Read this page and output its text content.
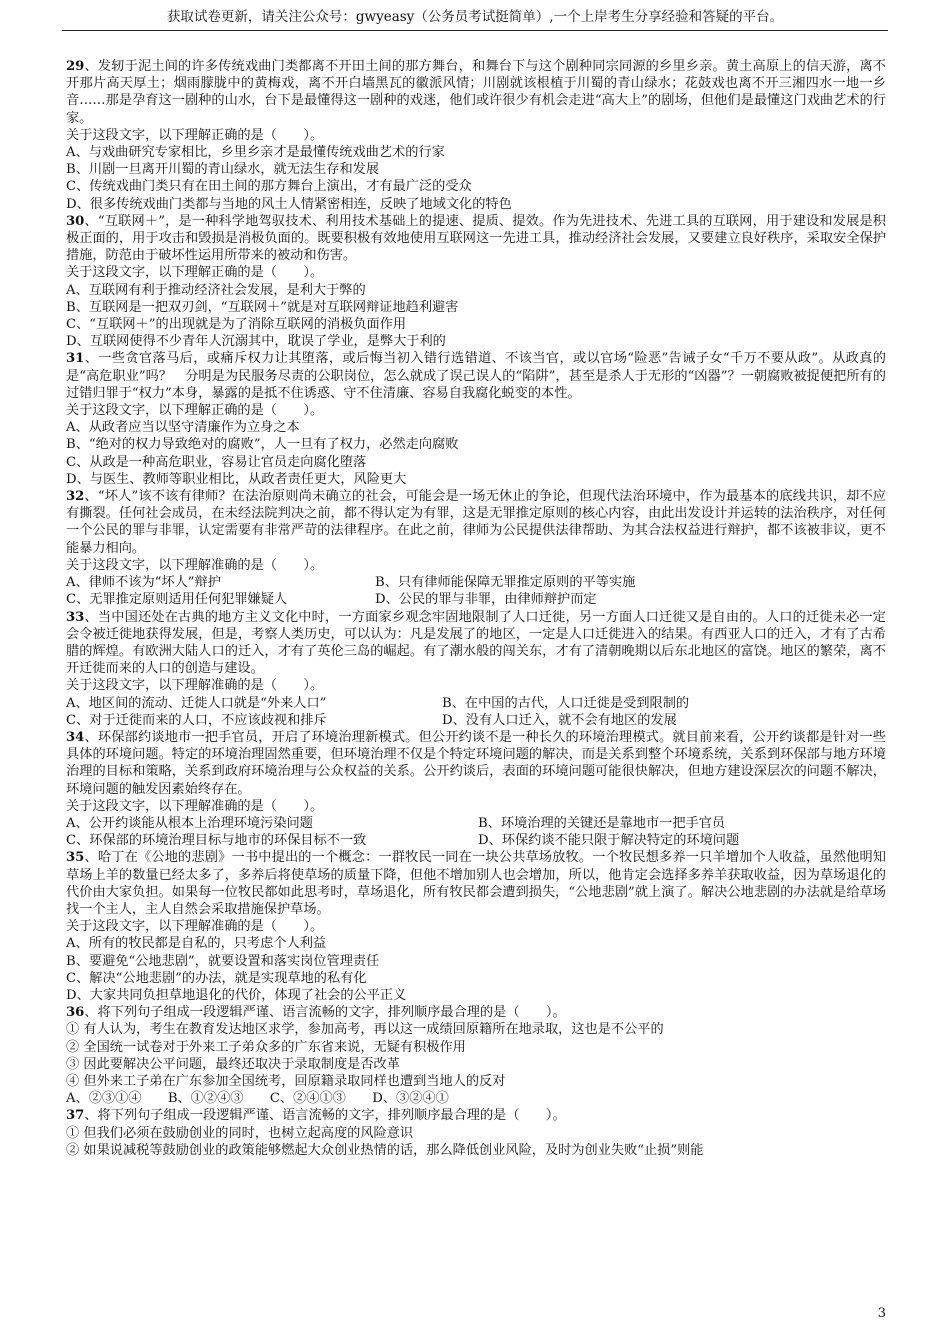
获取试卷更新，请关注公众号：gwyeasy（公务员考试挺简单）,一个上岸考生分享经验和答疑的平台。

29、发轫于泥土间的许多传统戏曲门类都离不开田土间的那方舞台，和舞台下与这个剧种同宗同源的乡里乡亲。黄土高原上的信天游，离不开那片高天厚土；烟雨朦胧中的黄梅戏，离不开白墙黑瓦的徽派风情；川剧就该根植于川蜀的青山绿水；花鼓戏也离不开三湘四水一地一乡音……那是孕育这一剧种的山水，台下是最懂得这一剧种的戏迷，他们或许很少有机会走进“高大上”的剧场，但他们是最懂这门戏曲艺术的行家。

关于这段文字，以下理解正确的是（　　）。

A、与戏曲研究专家相比，乡里乡亲才是最懂传统戏曲艺术的行家

B、川剧一旦离开川蜀的青山绿水，就无法生存和发展

C、传统戏曲门类只有在田土间的那方舞台上演出，才有最广泛的受众

D、很多传统戏曲门类都与当地的风土人情紧密相连，反映了地域文化的特色

30、“互联网＋”，是一种科学地驾驭技术、利用技术基础上的提速、提质、提效。作为先进技术、先进工具的互联网，用于建设和发展是积极正面的，用于攻击和毁损是消极负面的。既要积极有效地使用互联网这一先进工具，推动经济社会发展，又要建立良好秩序，采取安全保护措施，防范由于破坏性运用所带来的被动和伤害。

关于这段文字，以下理解正确的是（　　）。

A、互联网有利于推动经济社会发展，是利大于弊的

B、互联网是一把双刃剑，“互联网＋”就是对互联网辩证地趋利避害

C、“互联网＋”的出现就是为了消除互联网的消极负面作用

D、互联网使得不少青年人沉溺其中，耽误了学业，是弊大于利的

31、一些贪官落马后，或痛斥权力让其堕落，或后悔当初入错行选错道、不该当官，或以官场“险恶”告诫子女“千万不要从政”。从政真的是“高危职业”吗？　分明是为民服务尽责的公职岗位，怎么就成了误己误人的“陷阱”，甚至是杀人于无形的“凶器”？一朝腐败被捉便把所有的过错归罪于“权力”本身，暴露的是抵不住诱惑、守不住清廉、容易自我腐化蜕变的本性。

关于这段文字，以下理解正确的是（　　）。

A、从政者应当以坚守清廉作为立身之本

B、“绝对的权力导致绝对的腐败”，人一旦有了权力，必然走向腐败

C、从政是一种高危职业，容易让官员走向腐化堕落

D、与医生、教师等职业相比，从政者责任更大，风险更大

32、“坏人”该不该有律师？在法治原则尚未确立的社会，可能会是一场无休止的争论，但现代法治环境中，作为最基本的底线共识，却不应有撕裂。任何社会成员，在未经法院判决之前，都不得认定为有罪，这是无罪推定原则的核心内容，由此出发设计并运转的法治秩序，对任何一个公民的罪与非罪，认定需要有非常严苛的法律程序。在此之前，律师为公民提供法律帮助、为其合法权益进行辩护，都不该被非议，更不能暴力相向。

关于这段文字，以下理解准确的是（　　）。

A、律师不该为“坏人”辩护	B、只有律师能保障无罪推定原则的平等实施
C、无罪推定原则适用任何犯罪嫌疑人	D、公民的罪与非罪，由律师辩护而定

33、当中国还处在古典的地方主义文化中时，一方面家乡观念牢固地限制了人口迁徙，另一方面人口迁徙又是自由的。人口的迁徙未必一定会令被迁徙地获得发展，但是，考察人类历史，可以认为：凡是发展了的地区，一定是人口迁徙进入的结果。有西亚人口的迁入，才有了古希腊的辉煌。有欧洲大陆人口的迁入，才有了英伦三岛的崛起。有了潮水般的闯关东，才有了清朝晚期以后东北地区的富饶。地区的繁荣，离不开迁徙而来的人口的创造与建设。

关于这段文字，以下理解准确的是（　　）。

A、地区间的流动、迁徙人口就是“外来人口”	B、在中国的古代，人口迁徙是受到限制的
C、对于迁徙而来的人口，不应该歧视和排斥	D、没有人口迁入，就不会有地区的发展

34、环保部约谈地市一把手官员，开启了环境治理新模式。但公开约谈不是一种长久的环境治理模式。就目前来看，公开约谈都是针对一些具体的环境问题。特定的环境治理固然重要，但环境治理不仅是个特定环境问题的解决，而是关系到整个环境系统，关系到环保部与地方环境治理的目标和策略，关系到政府环境治理与公众权益的关系。公开约谈后，表面的环境问题可能很快解决，但地方建设深层次的问题不解决，环境问题的触发因素始终存在。

关于这段文字，以下理解准确的是（　　）。

A、公开约谈能从根本上治理环境污染问题	B、环境治理的关键还是靠地市一把手官员
C、环保部的环境治理目标与地市的环保目标不一致	D、环保约谈不能只限于解决特定的环境问题

35、哈丁在《公地的悲剧》一书中提出的一个概念：一群牧民一同在一块公共草场放牧。一个牧民想多养一只羊增加个人收益，虽然他明知草场上羊的数量已经太多了，多养后将使草场的质量下降，但他不增加别人也会增加，所以，他肯定会选择多养羊获取收益，因为草场退化的代价由大家负担。如果每一位牧民都如此思考时，草场退化，所有牧民都会遭到损失，“公地悲剧”就上演了。解决公地悲剧的办法就是给草场找一个主人，主人自然会采取措施保护草场。

关于这段文字，以下理解准确的是（　　）。

A、所有的牧民都是自私的，只考虑个人利益

B、要避免“公地悲剧”，就要设置和落实岗位管理责任

C、解决“公地悲剧”的办法，就是实现草地的私有化

D、大家共同负担草地退化的代价，体现了社会的公平正义

36、将下列句子组成一段逻辑严谨、语言流畅的文字，排列顺序最合理的是（　　）。

① 有人认为，考生在教育发达地区求学，参加高考，再以这一成绩回原籍所在地录取，这也是不公平的

② 全国统一试卷对于外来工子弟众多的广东省来说，无疑有积极作用

③ 因此要解决公平问题，最终还取决于录取制度是否改革

④ 但外来工子弟在广东参加全国统考，回原籍录取同样也遭到当地人的反对

A、②③①④　　B、①②④③　　C、②④①③　　D、③②④①

37、将下列句子组成一段逻辑严谨、语言流畅的文字，排列顺序最合理的是（　　）。

① 但我们必须在鼓励创业的同时，也树立起高度的风险意识

② 如果说减税等鼓励创业的政策能够燃起大众创业热情的话，那么降低创业风险，及时为创业失败“止损”则能

3
